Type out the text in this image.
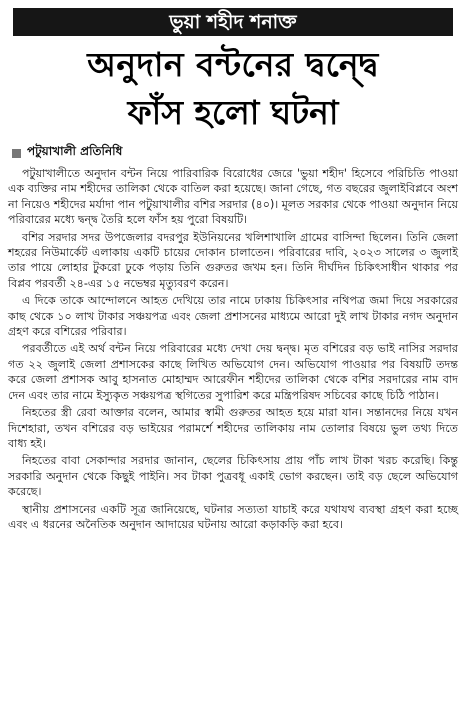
ভুয়া শহীদ শনাক্ত
অনুদান বন্টনের দ্বন্দ্বে
ফাঁস হলো ঘটনা
পটুয়াখালী প্রতিনিধি

পটুয়াখালীতে অনুদান বন্টন নিয়ে পারিবারিক বিরোধের জেরে 'ভুয়া শহীদ' হিসেবে পরিচিতি পাওয়া এক ব্যক্তির নাম শহীদের তালিকা থেকে বাতিল করা হয়েছে। জানা গেছে, গত বছরের জুলাইবিপ্লবে অংশ না নিয়েও শহীদের মর্যাদা পান পটুয়াখালীর বশির সরদার (৪০)। মূলত সরকার থেকে পাওয়া অনুদান নিয়ে পরিবারের মধ্যে দ্বন্দ্ব তৈরি হলে ফাঁস হয় পুরো বিষয়টি।

বশির সরদার সদর উপজেলার বদরপুর ইউনিয়নের খলিশাখালি গ্রামের বাসিন্দা ছিলেন। তিনি জেলা শহরের নিউমার্কেট এলাকায় একটি চায়ের দোকান চালাতেন। পরিবারের দাবি, ২০২৩ সালের ৩ জুলাই তার পায়ে লোহার টুকরো ঢুকে পড়ায় তিনি গুরুতর জখম হন। তিনি দীর্ঘদিন চিকিৎসাধীন থাকার পর বিপ্লব পরবর্তী ২৪-এর ১৫ নভেম্বর মৃত্যুবরণ করেন।

এ দিকে তাকে আন্দোলনে আহত দেখিয়ে তার নামে ঢাকায় চিকিৎসার নথিপত্র জমা দিয়ে সরকারের কাছ থেকে ১০ লাখ টাকার সঞ্চয়পত্র এবং জেলা প্রশাসনের মাধ্যমে আরো দুই লাখ টাকার নগদ অনুদান গ্রহণ করে বশিরের পরিবার।

পরবর্তীতে এই অর্থ বন্টন নিয়ে পরিবারের মধ্যে দেখা দেয় দ্বন্দ্ব। মৃত বশিরের বড় ভাই নাসির সরদার গত ২২ জুলাই জেলা প্রশাসকের কাছে লিখিত অভিযোগ দেন। অভিযোগ পাওয়ার পর বিষয়টি তদন্ত করে জেলা প্রশাসক আবু হাসনাত মোহাম্মদ আরেফীন শহীদের তালিকা থেকে বশির সরদারের নাম বাদ দেন এবং তার নামে ইস্যুকৃত সঞ্চয়পত্র স্থগিতের সুপারিশ করে মন্ত্রিপরিষদ সচিবের কাছে চিঠি পাঠান।

নিহতের স্ত্রী রেবা আক্তার বলেন, আমার স্বামী গুরুতর আহত হয়ে মারা যান। সন্তানদের নিয়ে যখন দিশেহারা, তখন বশিরের বড় ভাইয়ের পরামর্শে শহীদের তালিকায় নাম তোলার বিষয়ে ভুল তথ্য দিতে বাধ্য হই।

নিহতের বাবা সেকান্দার সরদার জানান, ছেলের চিকিৎসায় প্রায় পাঁচ লাখ টাকা খরচ করেছি। কিন্তু সরকারি অনুদান থেকে কিছুই পাইনি। সব টাকা পুত্রবধূ একাই ভোগ করছেন। তাই বড় ছেলে অভিযোগ করেছে।

স্থানীয় প্রশাসনের একটি সূত্র জানিয়েছে, ঘটনার সত্যতা যাচাই করে যথাযথ ব্যবস্থা গ্রহণ করা হচ্ছে এবং এ ধরনের অনৈতিক অনুদান আদায়ের ঘটনায় আরো কড়াকড়ি করা হবে।
